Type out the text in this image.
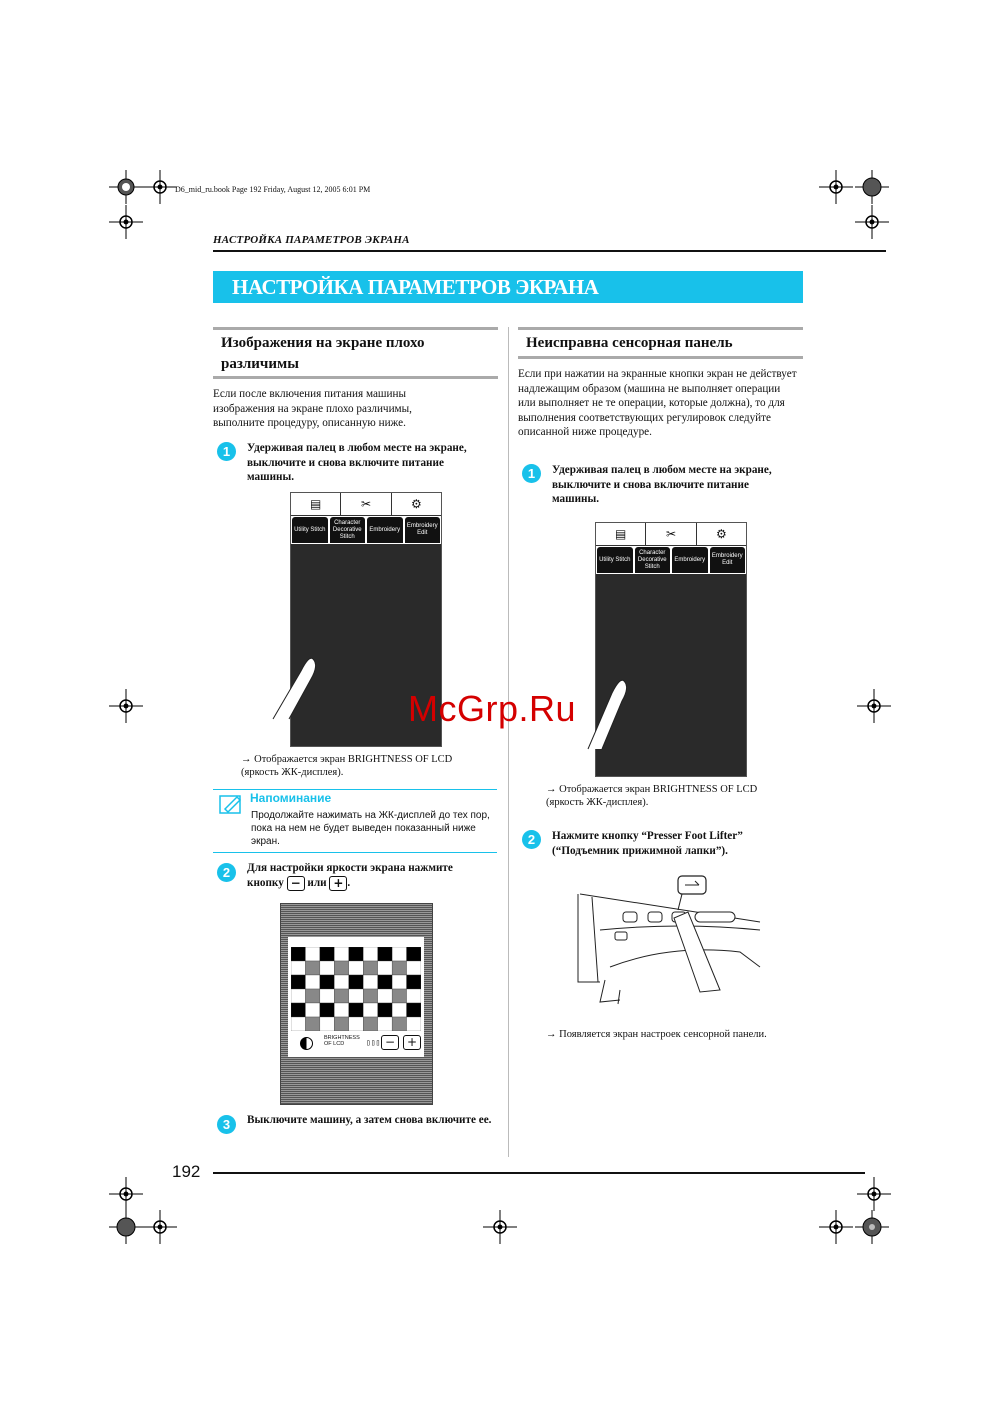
D6_mid_ru.book Page 192 Friday, August 12, 2005 6:01 PM
НАСТРОЙКА ПАРАМЕТРОВ ЭКРАНА
НАСТРОЙКА ПАРАМЕТРОВ ЭКРАНА
Изображения на экране плохо различимы
Если после включения питания машины изображения на экране плохо различимы, выполните процедуру, описанную ниже.
1	Удерживая палец в любом месте на экране, выключите и снова включите питание машины.
▤	✂	⚙
Utility Stitch
Character Decorative Stitch
Embroidery
Embroidery Edit
→ Отображается экран BRIGHTNESS OF LCD (яркость ЖК-дисплея).
Напоминание
Продолжайте нажимать на ЖК-дисплей до тех пор, пока на нем не будет выведен показанный ниже экран.
2	Для настройки яркости экрана нажмите кнопку − или + .
BRIGHTNESS OF LCD	▯▯▯ − +
3	Выключите машину, а затем снова включите ее.
Неисправна сенсорная панель
Если при нажатии на экранные кнопки экран не действует надлежащим образом (машина не выполняет операции или выполняет не те операции, которые должна), то для выполнения соответствующих регулировок следуйте описанной ниже процедуре.
1	Удерживая палец в любом месте на экране, выключите и снова включите питание машины.
▤	✂	⚙
Utility Stitch
Character Decorative Stitch
Embroidery
Embroidery Edit
→ Отображается экран BRIGHTNESS OF LCD (яркость ЖК-дисплея).
2	Нажмите кнопку “Presser Foot Lifter” (“Подъемник прижимной лапки”).
→ Появляется экран настроек сенсорной панели.
McGrp.Ru
192
